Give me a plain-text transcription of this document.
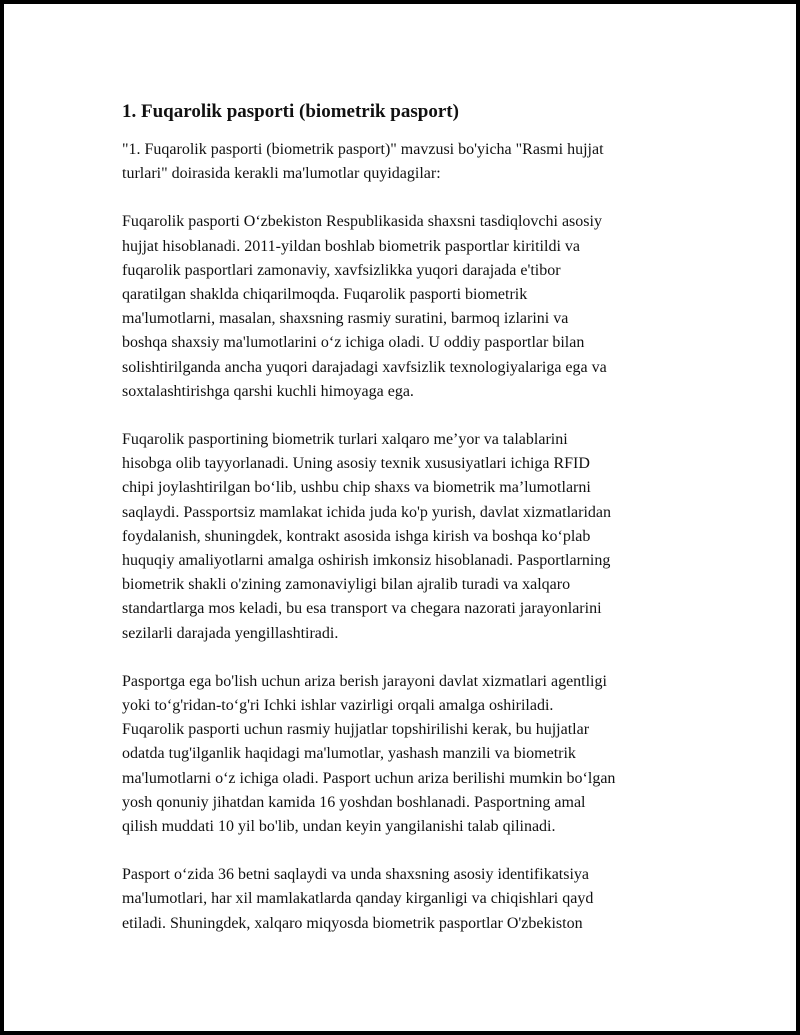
1. Fuqarolik pasporti (biometrik pasport)

"1. Fuqarolik pasporti (biometrik pasport)" mavzusi bo'yicha "Rasmi hujjat
turlari" doirasida kerakli ma'lumotlar quyidagilar:

Fuqarolik pasporti O‘zbekiston Respublikasida shaxsni tasdiqlovchi asosiy
hujjat hisoblanadi. 2011-yildan boshlab biometrik pasportlar kiritildi va
fuqarolik pasportlari zamonaviy, xavfsizlikka yuqori darajada e'tibor
qaratilgan shaklda chiqarilmoqda. Fuqarolik pasporti biometrik
ma'lumotlarni, masalan, shaxsning rasmiy suratini, barmoq izlarini va
boshqa shaxsiy ma'lumotlarini o‘z ichiga oladi. U oddiy pasportlar bilan
solishtirilganda ancha yuqori darajadagi xavfsizlik texnologiyalariga ega va
soxtalashtirishga qarshi kuchli himoyaga ega.

Fuqarolik pasportining biometrik turlari xalqaro me’yor va talablarini
hisobga olib tayyorlanadi. Uning asosiy texnik xususiyatlari ichiga RFID
chipi joylashtirilgan bo‘lib, ushbu chip shaxs va biometrik ma’lumotlarni
saqlaydi. Passportsiz mamlakat ichida juda ko'p yurish, davlat xizmatlaridan
foydalanish, shuningdek, kontrakt asosida ishga kirish va boshqa ko‘plab
huquqiy amaliyotlarni amalga oshirish imkonsiz hisoblanadi. Pasportlarning
biometrik shakli o'zining zamonaviyligi bilan ajralib turadi va xalqaro
standartlarga mos keladi, bu esa transport va chegara nazorati jarayonlarini
sezilarli darajada yengillashtiradi.

Pasportga ega bo'lish uchun ariza berish jarayoni davlat xizmatlari agentligi
yoki to‘g'ridan-to‘g'ri Ichki ishlar vazirligi orqali amalga oshiriladi.
Fuqarolik pasporti uchun rasmiy hujjatlar topshirilishi kerak, bu hujjatlar
odatda tug'ilganlik haqidagi ma'lumotlar, yashash manzili va biometrik
ma'lumotlarni o‘z ichiga oladi. Pasport uchun ariza berilishi mumkin bo‘lgan
yosh qonuniy jihatdan kamida 16 yoshdan boshlanadi. Pasportning amal
qilish muddati 10 yil bo'lib, undan keyin yangilanishi talab qilinadi.

Pasport o‘zida 36 betni saqlaydi va unda shaxsning asosiy identifikatsiya
ma'lumotlari, har xil mamlakatlarda qanday kirganligi va chiqishlari qayd
etiladi. Shuningdek, xalqaro miqyosda biometrik pasportlar O'zbekiston
